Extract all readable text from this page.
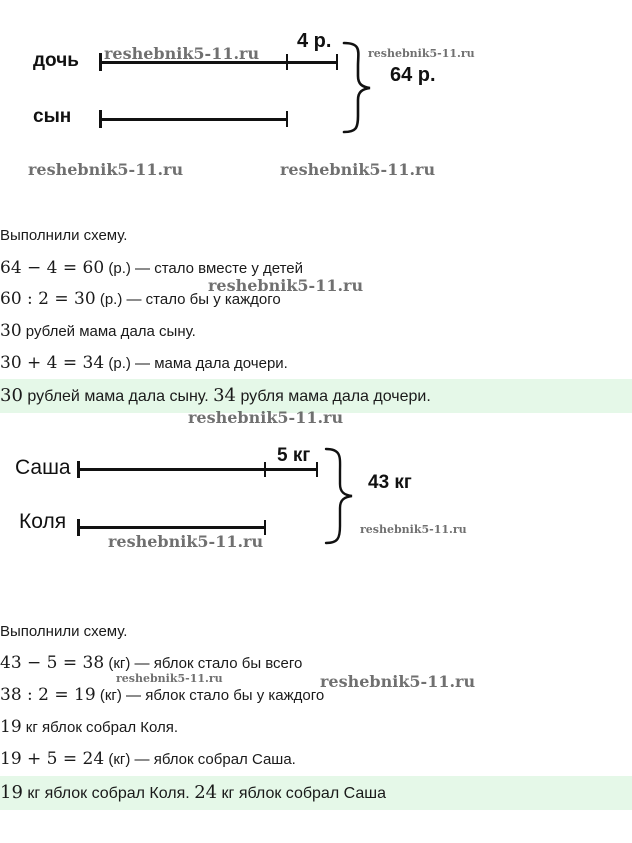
дочь
сын
4 р.
64 р.
reshebnik5-11.ru	reshebnik5-11.ru
reshebnik5-11.ru	reshebnik5-11.ru
Выполнили схему.
64 − 4 = 60 (р.) — стало вместе у детей
60 : 2 = 30 (р.) — стало бы у каждого
30 рублей мама дала сыну.
30 + 4 = 34 (р.) — мама дала дочери.
30 рублей мама дала сыну. 34 рубля мама дала дочери.
reshebnik5-11.ru
reshebnik5-11.ru
Саша
Коля
5 кг
43 кг
reshebnik5-11.ru
reshebnik5-11.ru
Выполнили схему.
43 − 5 = 38 (кг) — яблок стало бы всего
38 : 2 = 19 (кг) — яблок стало бы у каждого
19 кг яблок собрал Коля.
19 + 5 = 24 (кг) — яблок собрал Саша.
19 кг яблок собрал Коля. 24 кг яблок собрал Саша
reshebnik5-11.ru	reshebnik5-11.ru
